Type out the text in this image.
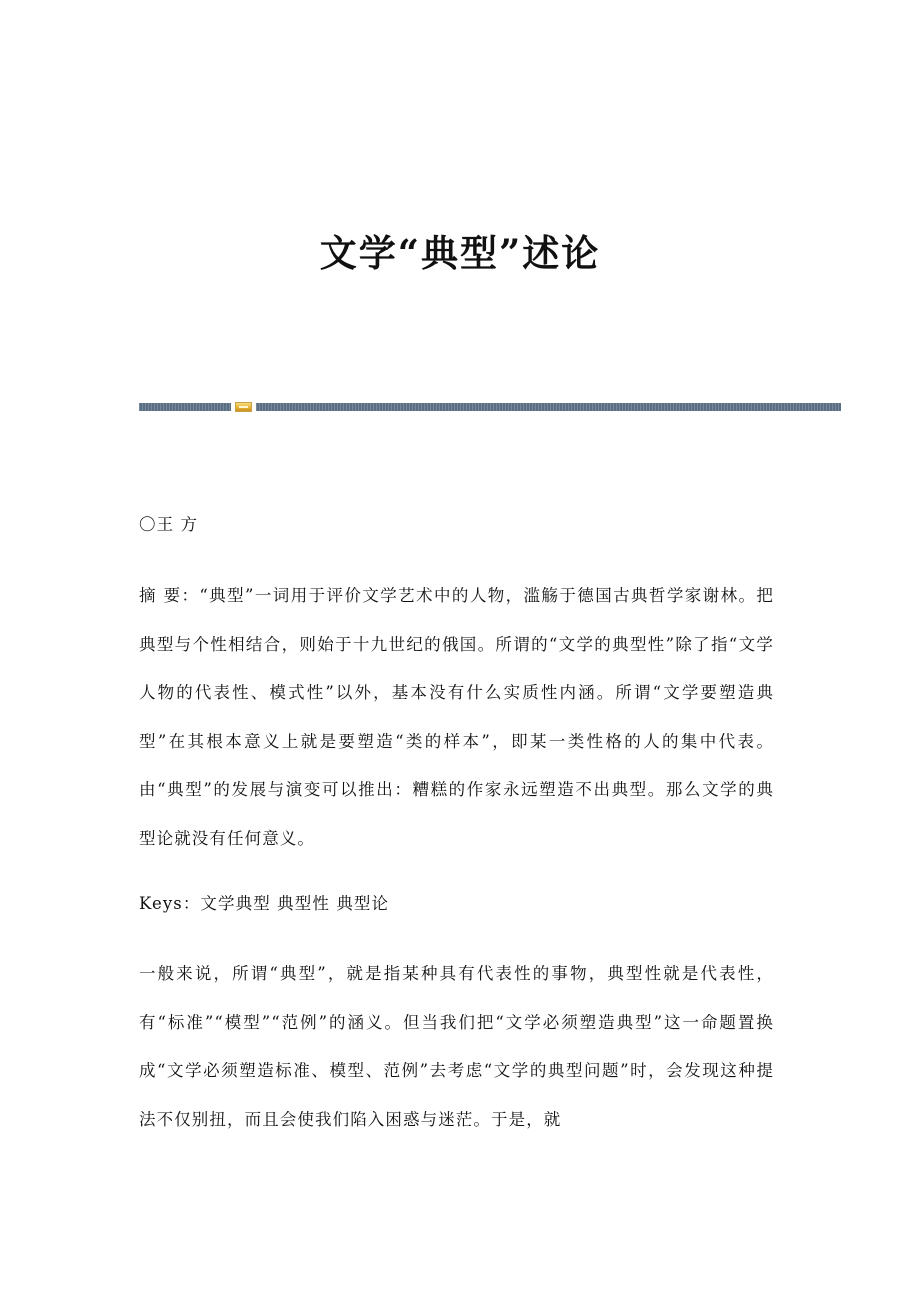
文学“典型”述论
〇王 方
摘 要：“典型”一词用于评价文学艺术中的人物，滥觞于德国古典哲学家谢林。把典型与个性相结合，则始于十九世纪的俄国。所谓的“文学的典型性”除了指“文学人物的代表性、模式性”以外，基本没有什么实质性内涵。所谓“文学要塑造典型”在其根本意义上就是要塑造“类的样本”，即某一类性格的人的集中代表。由“典型”的发展与演变可以推出：糟糕的作家永远塑造不出典型。那么文学的典型论就没有任何意义。
Keys：文学典型 典型性 典型论
一般来说，所谓“典型”，就是指某种具有代表性的事物，典型性就是代表性，有“标准”“模型”“范例”的涵义。但当我们把“文学必须塑造典型”这一命题置换成“文学必须塑造标准、模型、范例”去考虑“文学的典型问题”时，会发现这种提法不仅别扭，而且会使我们陷入困惑与迷茫。于是，就
